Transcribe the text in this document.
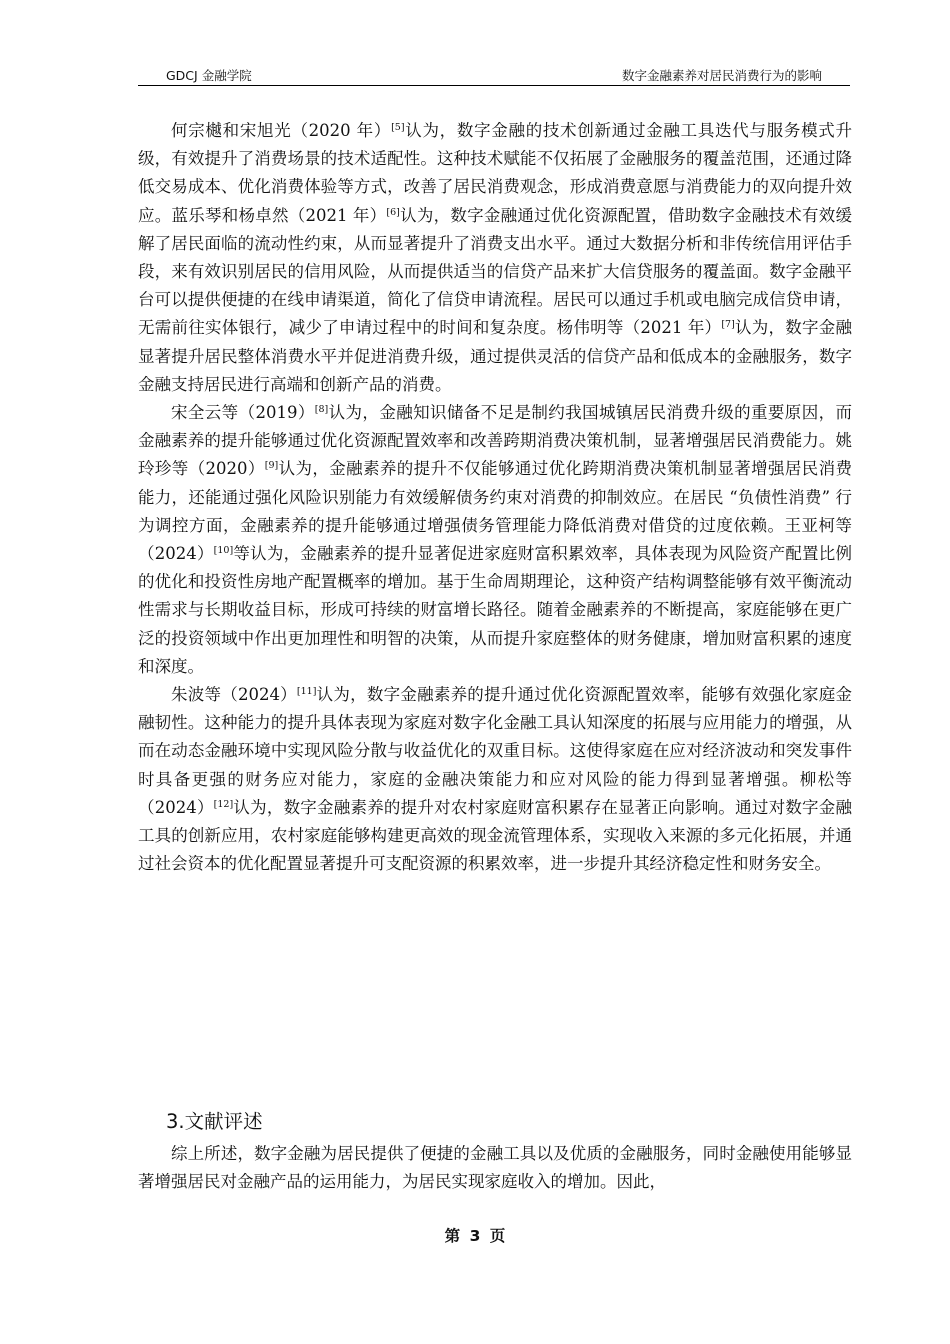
GDCJ 金融学院	数字金融素养对居民消费行为的影响

何宗樾和宋旭光（2020 年）[5]认为，数字金融的技术创新通过金融工具迭代与服务模式升级，有效提升了消费场景的技术适配性。这种技术赋能不仅拓展了金融服务的覆盖范围，还通过降低交易成本、优化消费体验等方式，改善了居民消费观念，形成消费意愿与消费能力的双向提升效应。蓝乐琴和杨卓然（2021 年）[6]认为，数字金融通过优化资源配置，借助数字金融技术有效缓解了居民面临的流动性约束，从而显著提升了消费支出水平。通过大数据分析和非传统信用评估手段，来有效识别居民的信用风险，从而提供适当的信贷产品来扩大信贷服务的覆盖面。数字金融平台可以提供便捷的在线申请渠道，简化了信贷申请流程。居民可以通过手机或电脑完成信贷申请，无需前往实体银行，减少了申请过程中的时间和复杂度。杨伟明等（2021 年）[7]认为，数字金融显著提升居民整体消费水平并促进消费升级，通过提供灵活的信贷产品和低成本的金融服务，数字金融支持居民进行高端和创新产品的消费。

宋全云等（2019）[8]认为，金融知识储备不足是制约我国城镇居民消费升级的重要原因，而金融素养的提升能够通过优化资源配置效率和改善跨期消费决策机制，显著增强居民消费能力。姚玲珍等（2020）[9]认为，金融素养的提升不仅能够通过优化跨期消费决策机制显著增强居民消费能力，还能通过强化风险识别能力有效缓解债务约束对消费的抑制效应。在居民 “负债性消费” 行为调控方面，金融素养的提升能够通过增强债务管理能力降低消费对借贷的过度依赖。王亚柯等（2024）[10]等认为，金融素养的提升显著促进家庭财富积累效率，具体表现为风险资产配置比例的优化和投资性房地产配置概率的增加。基于生命周期理论，这种资产结构调整能够有效平衡流动性需求与长期收益目标，形成可持续的财富增长路径。随着金融素养的不断提高，家庭能够在更广泛的投资领域中作出更加理性和明智的决策，从而提升家庭整体的财务健康，增加财富积累的速度和深度。

朱波等（2024）[11]认为，数字金融素养的提升通过优化资源配置效率，能够有效强化家庭金融韧性。这种能力的提升具体表现为家庭对数字化金融工具认知深度的拓展与应用能力的增强，从而在动态金融环境中实现风险分散与收益优化的双重目标。这使得家庭在应对经济波动和突发事件时具备更强的财务应对能力，家庭的金融决策能力和应对风险的能力得到显著增强。柳松等（2024）[12]认为，数字金融素养的提升对农村家庭财富积累存在显著正向影响。通过对数字金融工具的创新应用，农村家庭能够构建更高效的现金流管理体系，实现收入来源的多元化拓展，并通过社会资本的优化配置显著提升可支配资源的积累效率，进一步提升其经济稳定性和财务安全。

3.文献评述

综上所述，数字金融为居民提供了便捷的金融工具以及优质的金融服务，同时金融使用能够显著增强居民对金融产品的运用能力，为居民实现家庭收入的增加。因此，

第 3 页
